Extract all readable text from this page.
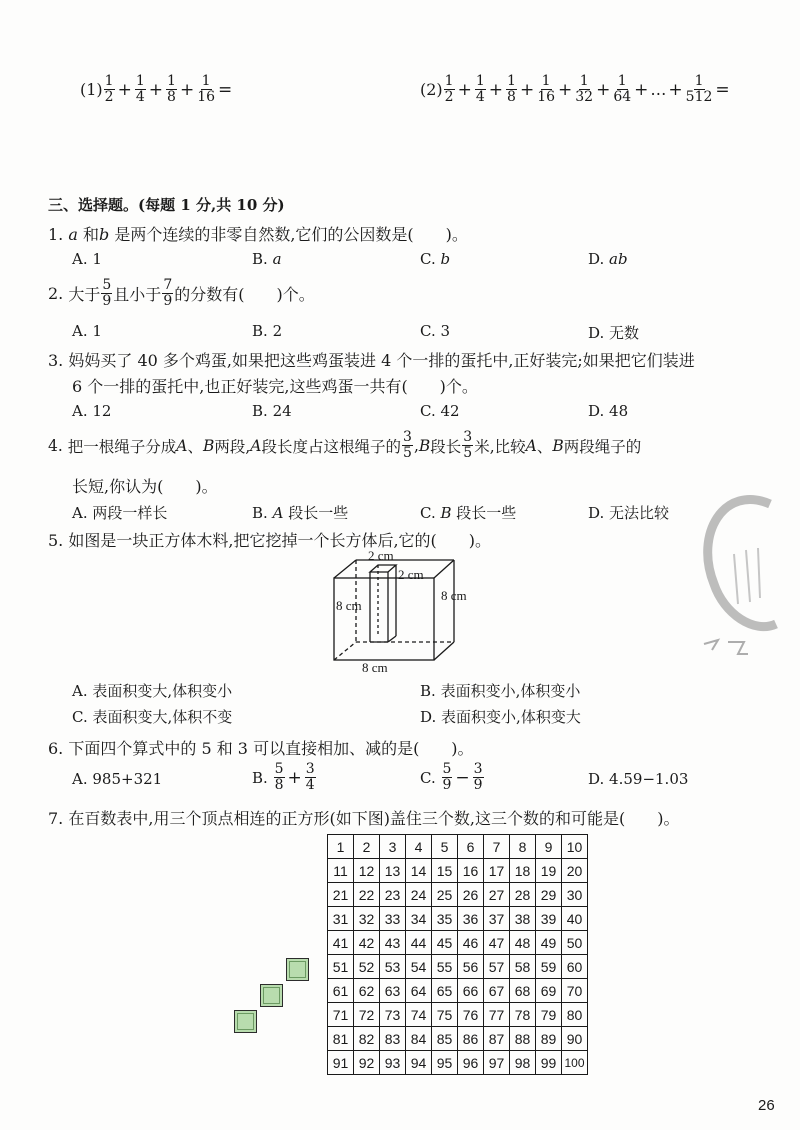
$(1) \frac{1}{2} + \frac{1}{4} + \frac{1}{8} + \frac{1}{16}$ =	$(2) \frac{1}{2} + \frac{1}{4} + \frac{1}{8} + \frac{1}{16} + \frac{1}{32} + \frac{1}{64}$ + … + $\frac{1}{512}$ =
三、选择题。(每题 1 分,共 10 分)
1. a 和b 是两个连续的非零自然数,它们的公因数是(　　)。
A. 1	B. a	C. b	D. ab
2.
大于 $\frac{5}{9}$ 且小于 $\frac{7}{9}$ 的分数有(　　)个。
A. 1	B. 2	C. 3	D. 无数
3. 妈妈买了 40 多个鸡蛋,如果把这些鸡蛋装进 4 个一排的蛋托中,正好装完;如果把它们装进
6 个一排的蛋托中,也正好装完,这些鸡蛋一共有(　　)个。
A. 12	B. 24	C. 42	D. 48
4.
把一根绳子分成 A 、 B 两段, A 段长度占这根绳子的 $\frac{3}{5}$ , B 段长 $\frac{3}{5}$ 米,比较 A 、 B 两段绳子的
长短,你认为(　　)。
A. 两段一样长	B. A 段长一些	C. B 段长一些	D. 无法比较
5. 如图是一块正方体木料,把它挖掉一个长方体后,它的(　　)。
2 cm
2 cm
8 cm
8 cm
8 cm
A. 表面积变大,体积变小	B. 表面积变小,体积变小
C. 表面积变大,体积不变	D. 表面积变小,体积变大
6. 下面四个算式中的 5 和 3 可以直接相加、减的是(　　)。
A. 985+321	B.
$\frac{5}{8} + \frac{3}{4}$	C.
$\frac{5}{9} - \frac{3}{9}$	D. 4.59−1.03
7. 在百数表中,用三个顶点相连的正方形(如下图)盖住三个数,这三个数的和可能是(　　)。
1	2	3	4	5	6	7	8	9	10
11	12	13	14	15	16	17	18	19	20
21	22	23	24	25	26	27	28	29	30
31	32	33	34	35	36	37	38	39	40
41	42	43	44	45	46	47	48	49	50
51	52	53	54	55	56	57	58	59	60
61	62	63	64	65	66	67	68	69	70
71	72	73	74	75	76	77	78	79	80
81	82	83	84	85	86	87	88	89	90
91	92	93	94	95	96	97	98	99	100
26
